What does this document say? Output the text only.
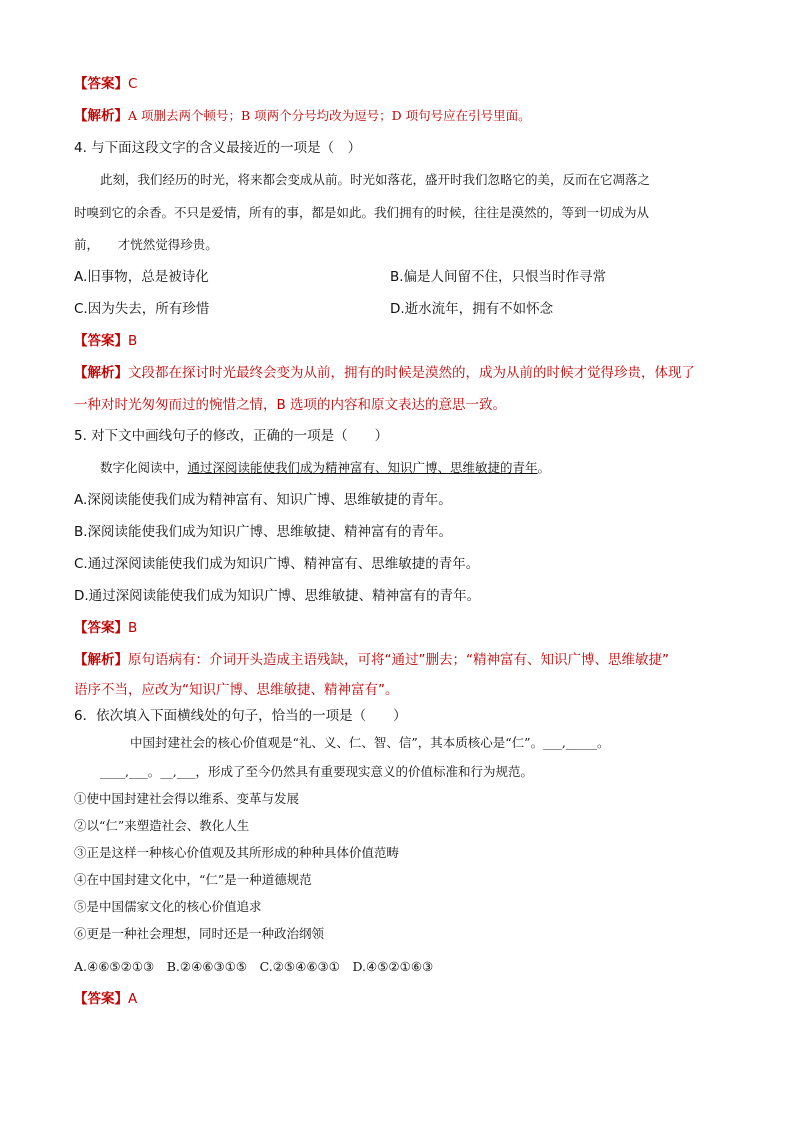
【答案】C
【解析】A 项删去两个顿号；B 项两个分号均改为逗号；D 项句号应在引号里面。
4. 与下面这段文字的含义最接近的一项是（　）
此刻，我们经历的时光，将来都会变成从前。时光如落花，盛开时我们忽略它的美，反而在它凋落之
时嗅到它的余香。不只是爱情，所有的事，都是如此。我们拥有的时候，往往是漠然的，等到一切成为从
前，　　才恍然觉得珍贵。
A.旧事物，总是被诗化	B.偏是人间留不住，只恨当时作寻常
C.因为失去，所有珍惜	D.逝水流年，拥有不如怀念
【答案】B
【解析】文段都在探讨时光最终会变为从前，拥有的时候是漠然的，成为从前的时候才觉得珍贵，体现了
一种对时光匆匆而过的惋惜之情，B 选项的内容和原文表达的意思一致。
5. 对下文中画线句子的修改，正确的一项是（　　）
数字化阅读中，通过深阅读能使我们成为精神富有、知识广博、思维敏捷的青年。
A.深阅读能使我们成为精神富有、知识广博、思维敏捷的青年。
B.深阅读能使我们成为知识广博、思维敏捷、精神富有的青年。
C.通过深阅读能使我们成为知识广博、精神富有、思维敏捷的青年。
D.通过深阅读能使我们成为知识广博、思维敏捷、精神富有的青年。
【答案】B
【解析】原句语病有：介词开头造成主语残缺，可将“通过”删去；“精神富有、知识广博、思维敏捷”
语序不当，应改为“知识广博、思维敏捷、精神富有”。
6．依次填入下面横线处的句子，恰当的一项是（　　）
中国封建社会的核心价值观是“礼、义、仁、智、信”，其本质核心是“仁”。___,_____。
____,___。__,___，形成了至今仍然具有重要现实意义的价值标准和行为规范。
①使中国封建社会得以维系、变革与发展
②以“仁”来塑造社会、教化人生
③正是这样一种核心价值观及其所形成的种种具体价值范畴
④在中国封建文化中，“仁”是一种道德规范
⑤是中国儒家文化的核心价值追求
⑥更是一种社会理想，同时还是一种政治纲领
A.④⑥⑤②①③　B.②④⑥③①⑤　C.②⑤④⑥③①　D.④⑤②①⑥③
【答案】A
